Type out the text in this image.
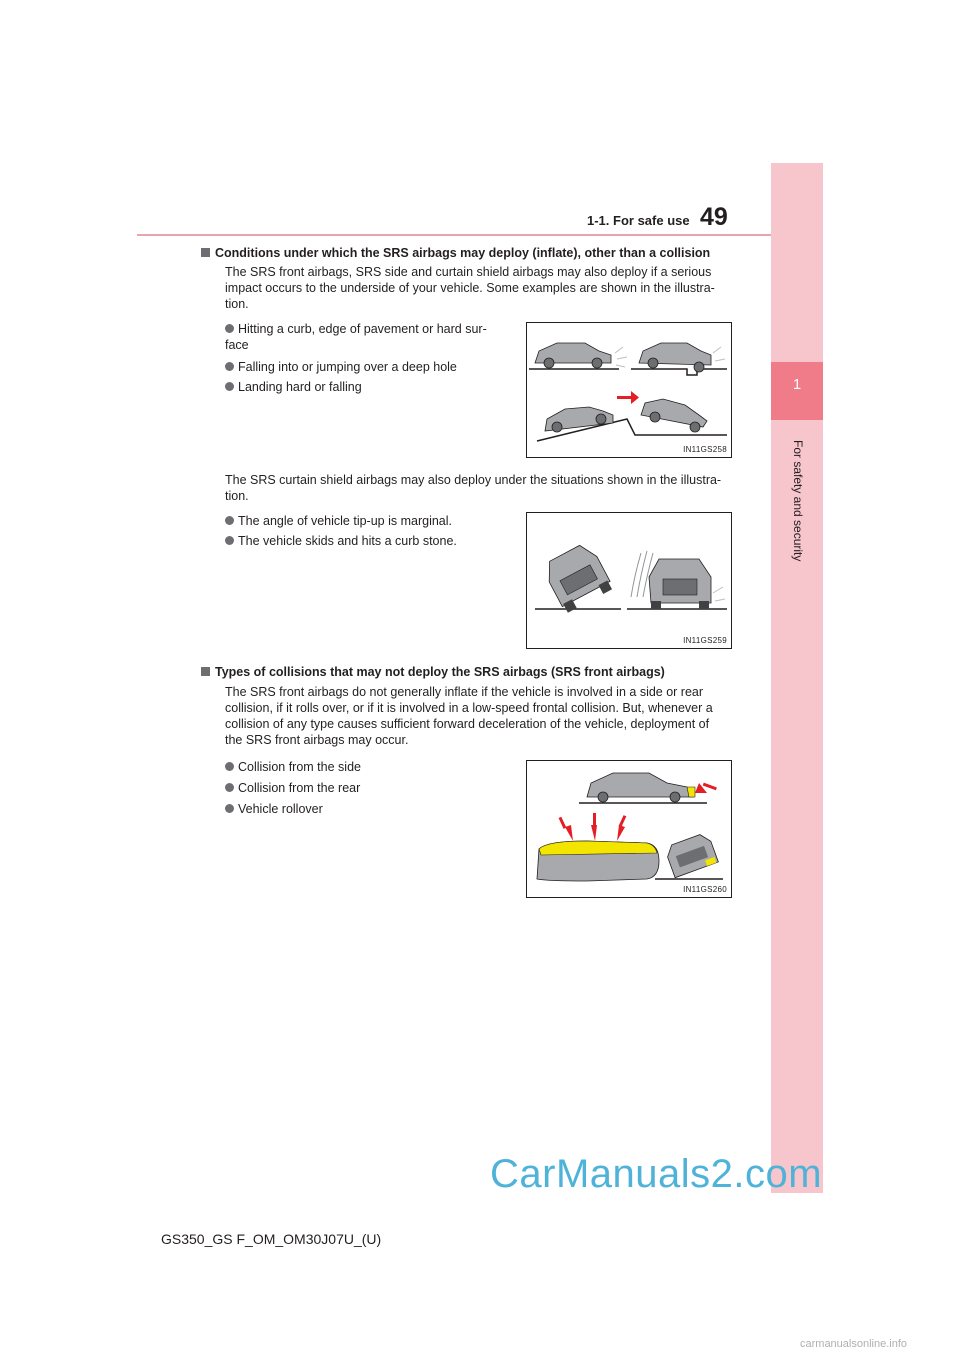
1-1. For safe use 49
1
For safety and security
Conditions under which the SRS airbags may deploy (inflate), other than a collision
The SRS front airbags, SRS side and curtain shield airbags may also deploy if a serious
impact occurs to the underside of your vehicle. Some examples are shown in the illustra-
tion.
Hitting a curb, edge of pavement or hard sur-
face
Falling into or jumping over a deep hole
Landing hard or falling
IN11GS258
The SRS curtain shield airbags may also deploy under the situations shown in the illustra-
tion.
The angle of vehicle tip-up is marginal.
The vehicle skids and hits a curb stone.
IN11GS259
Types of collisions that may not deploy the SRS airbags (SRS front airbags)
The SRS front airbags do not generally inflate if the vehicle is involved in a side or rear
collision, if it rolls over, or if it is involved in a low-speed frontal collision. But, whenever a
collision of any type causes sufficient forward deceleration of the vehicle, deployment of
the SRS front airbags may occur.
Collision from the side
Collision from the rear
Vehicle rollover
IN11GS260
CarManuals2.com
carmanualsonline.info
GS350_GS F_OM_OM30J07U_(U)
